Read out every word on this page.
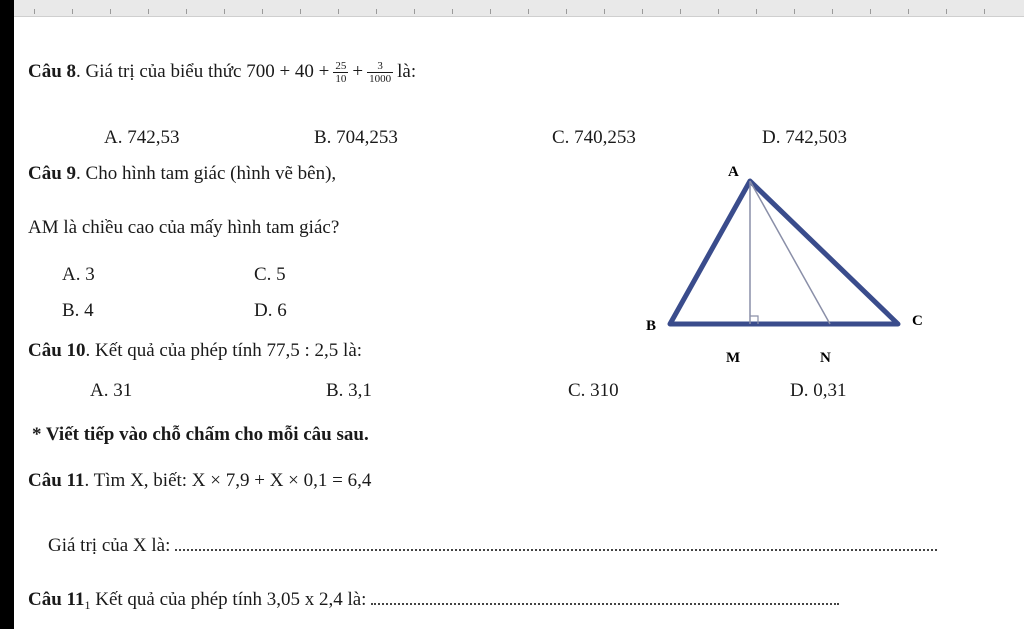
Câu 8. Giá trị của biểu thức $700 + 40 + \frac{25}{10} + \frac{3}{1000}$ là:
A. 742,53	B. 704,253	C. 740,253	D. 742,503
Câu 9. Cho hình tam giác (hình vẽ bên),
AM là chiều cao của mấy hình tam giác?
A. 3	C. 5
B. 4	D. 6
A
B	C
M	N
Câu 10. Kết quả của phép tính 77,5 : 2,5 là:
A. 31	B. 3,1	C. 310	D. 0,31
* Viết tiếp vào chỗ chấm cho mỗi câu sau.
Câu 11. Tìm X, biết: X × 7,9 + X × 0,1 = 6,4
Giá trị của X là:
Câu $11_1$ Kết quả của phép tính 3,05 x 2,4 là:
